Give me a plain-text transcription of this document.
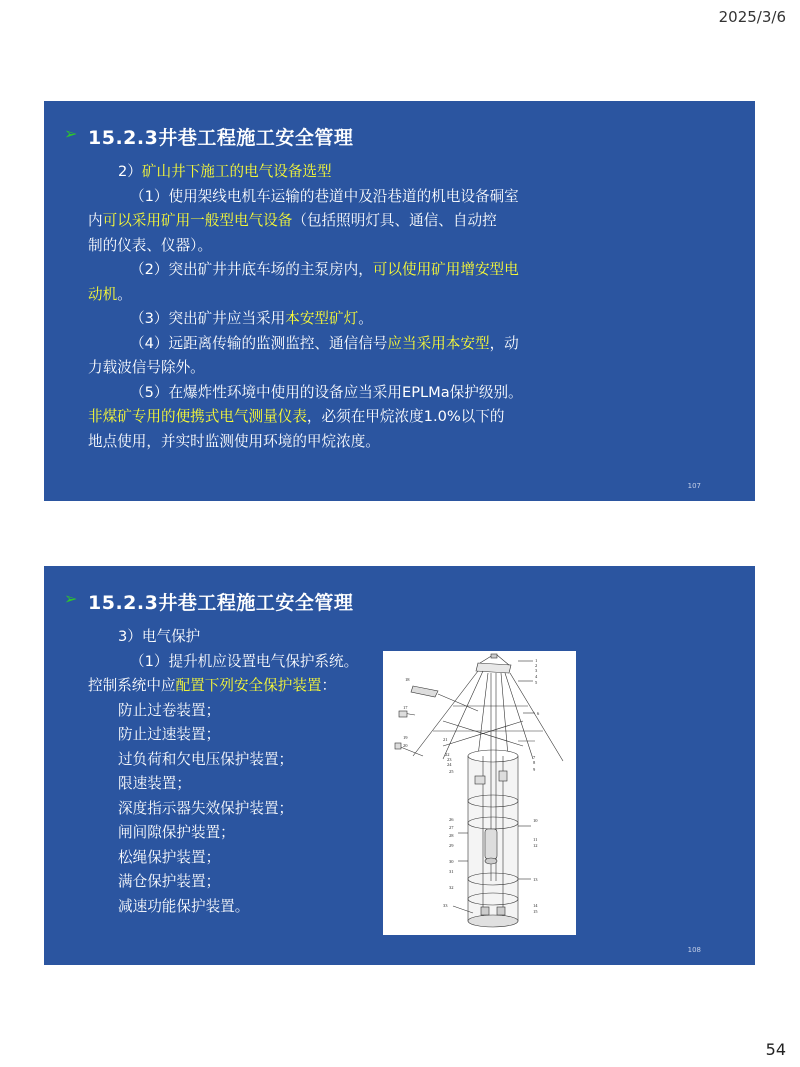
2025/3/6
➢ 15.2.3井巷工程施工安全管理
2）矿山井下施工的电气设备选型
（1）使用架线电机车运输的巷道中及沿巷道的机电设备硐室
内可以采用矿用一般型电气设备（包括照明灯具、通信、自动控
制的仪表、仪器）。
（2）突出矿井井底车场的主泵房内，可以使用矿用增安型电
动机。
（3）突出矿井应当采用本安型矿灯。
（4）远距离传输的监测监控、通信信号应当采用本安型，动
力载波信号除外。
（5）在爆炸性环境中使用的设备应当采用EPLMa保护级别。
非煤矿专用的便携式电气测量仪表，必须在甲烷浓度1.0%以下的
地点使用，并实时监测使用环境的甲烷浓度。
107
➢ 15.2.3井巷工程施工安全管理
3）电气保护
（1）提升机应设置电气保护系统。
控制系统中应配置下列安全保护装置：
防止过卷装置；
防止过速装置；
过负荷和欠电压保护装置；
限速装置；
深度指示器失效保护装置；
闸间隙保护装置；
松绳保护装置；
满仓保护装置；
减速功能保护装置。
1
2
3
4
5
6
7
8
9
10
11
12
13
14
15
18
17
19
20
21
22
23
24
25
26
27
28
29
30
31
32
33
108
54
